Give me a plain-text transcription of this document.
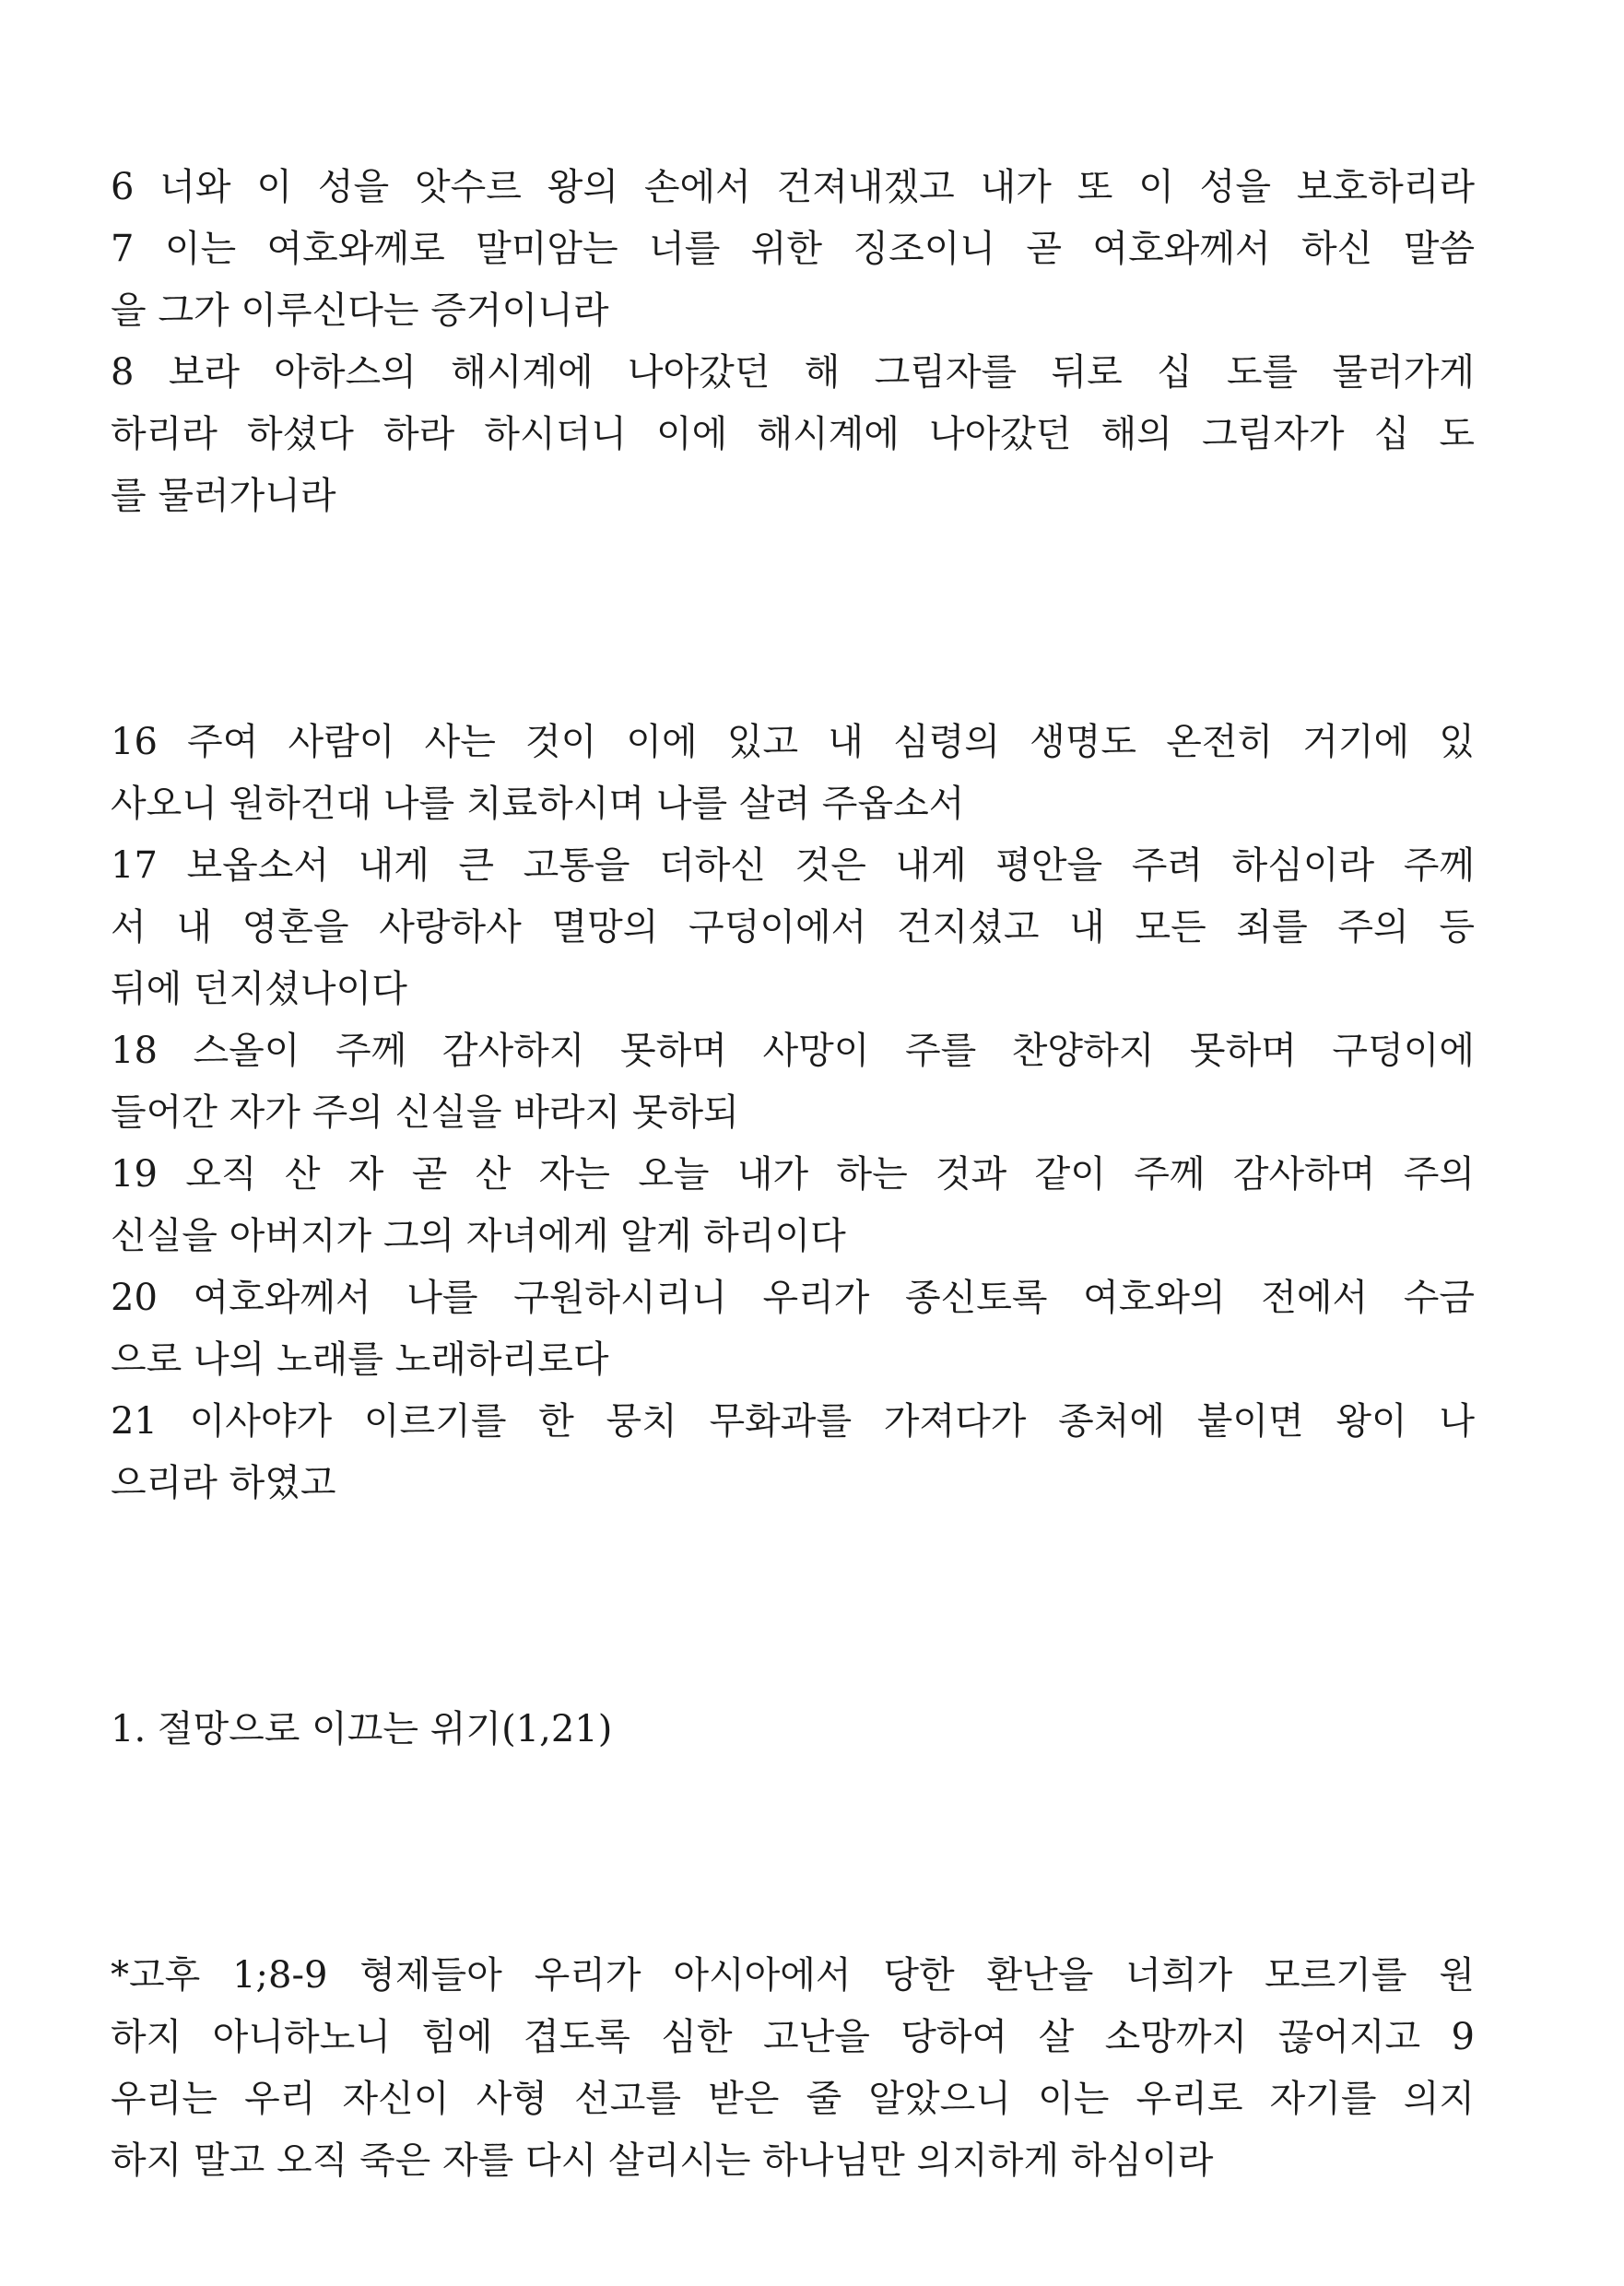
6 너와 이 성을 앗수르 왕의 손에서 건져내겠고 내가 또 이 성을 보호하리라
7 이는 여호와께로 말미암는 너를 위한 징조이니 곧 여호와께서 하신 말씀
을 그가 이루신다는 증거이니라
8 보라 아하스의 해시계에 나아갔던 해 그림자를 뒤로 십 도를 물러가게
하리라 하셨다 하라 하시더니 이에 해시계에 나아갔던 해의 그림자가 십 도
를 물러가니라
16 주여 사람이 사는 것이 이에 있고 내 심령의 생명도 온전히 거기에 있
사오니 원하건대 나를 치료하시며 나를 살려 주옵소서
17 보옵소서 내게 큰 고통을 더하신 것은 내게 평안을 주려 하심이라 주께
서 내 영혼을 사랑하사 멸망의 구덩이에서 건지셨고 내 모든 죄를 주의 등
뒤에 던지셨나이다
18 스올이 주께 감사하지 못하며 사망이 주를 찬양하지 못하며 구덩이에
들어간 자가 주의 신실을 바라지 못하되
19 오직 산 자 곧 산 자는 오늘 내가 하는 것과 같이 주께 감사하며 주의
신실을 아버지가 그의 자녀에게 알게 하리이다
20 여호와께서 나를 구원하시리니 우리가 종신토록 여호와의 전에서 수금
으로 나의 노래를 노래하리로다
21 이사야가 이르기를 한 뭉치 무화과를 가져다가 종처에 붙이면 왕이 나
으리라 하였고
1. 절망으로 이끄는 위기(1,21)
*고후 1;8-9 형제들아 우리가 아시아에서 당한 환난을 너희가 모르기를 원
하지 아니하노니 힘에 겹도록 심한 고난을 당하여 살 소망까지 끊어지고 9
우리는 우리 자신이 사형 선고를 받은 줄 알았으니 이는 우리로 자기를 의지
하지 말고 오직 죽은 자를 다시 살리시는 하나님만 의지하게 하심이라
